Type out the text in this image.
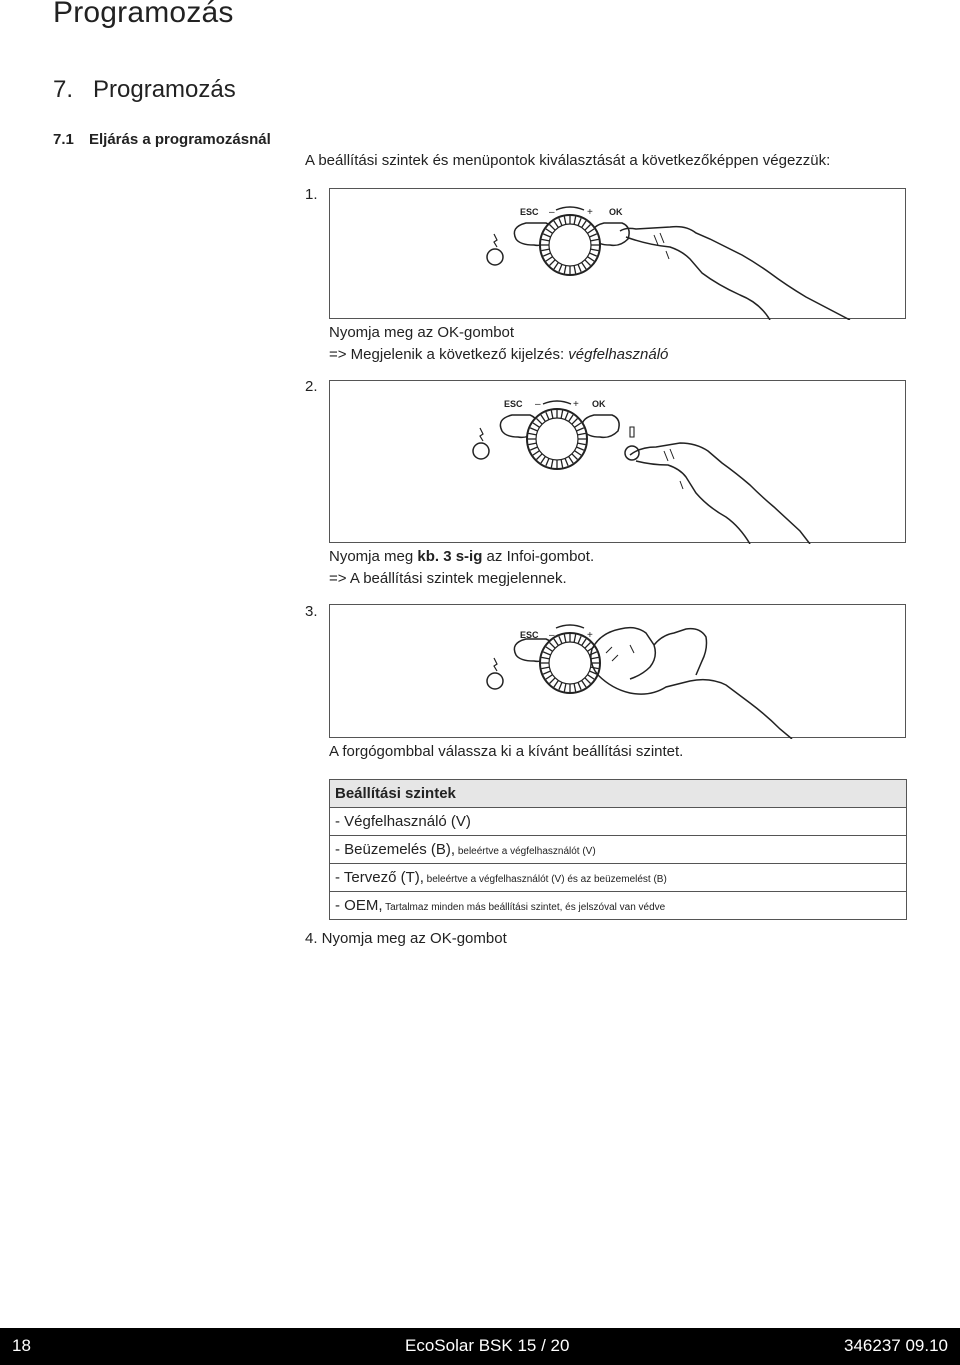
Programozás
7. Programozás
7.1 Eljárás a programozásnál
A beállítási szintek és menüpontok kiválasztását a következőképpen végezzük:
1.
ESC –	+ OK
Nyomja meg az OK-gombot
=> Megjelenik a következő kijelzés: végfelhasználó
2.
ESC –	+ OK
Nyomja meg kb. 3 s-ig az Infoi-gombot.
=> A beállítási szintek megjelennek.
3.
ESC –	+
A forgógombbal válassza ki a kívánt beállítási szintet.
Beállítási szintek
- Végfelhasználó (V)
- Beüzemelés (B), beleértve a végfelhasználót (V)
- Tervező (T), beleértve a végfelhasználót (V) és az beüzemelést (B)
- OEM, Tartalmaz minden más beállítási szintet, és jelszóval van védve
4. Nyomja meg az OK-gombot
18	EcoSolar BSK 15 / 20	346237 09.10
